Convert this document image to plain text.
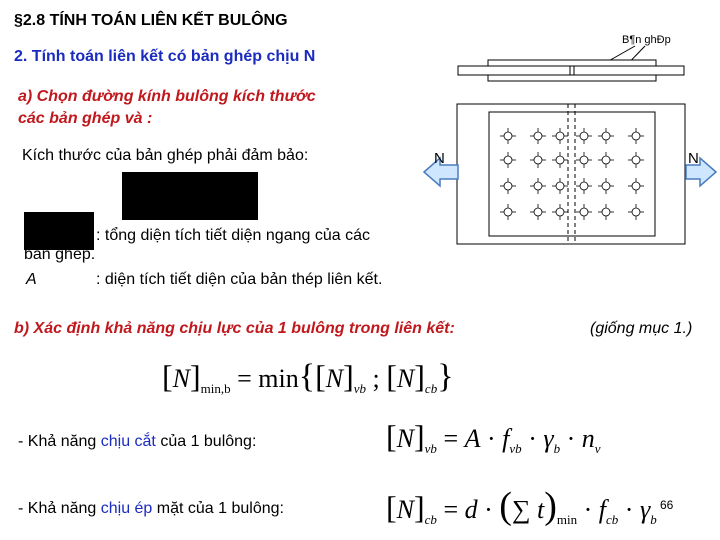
§2.8 TÍNH TOÁN LIÊN KẾT BULÔNG
2. Tính toán liên kết có bản ghép chịu N
a) Chọn đường kính bulông kích thước
các bản ghép và :
Kích thước của bản ghép phải đảm bảo:
: tổng diện tích tiết diện ngang của các
bản ghép.
A	: diện tích tiết diện của bản thép liên kết.
b) Xác định khả năng chịu lực của 1 bulông trong liên kết:	(giống mục 1.)
- Khả năng chịu cắt của 1 bulông:
- Khả năng chịu ép mặt của 1 bulông:	66
B¶n ghÐp
N	N
$[N]_{min,b} = \min\{[N]_{vb}$ ; $[N]_{cb}$}
$[N]_{vb} = A \cdot f_{vb} \cdot \gamma_b \cdot n_v$
$[N]_{cb} = d$ · (∑ $t)_{min} \cdot f_{cb} \cdot \gamma_b$
